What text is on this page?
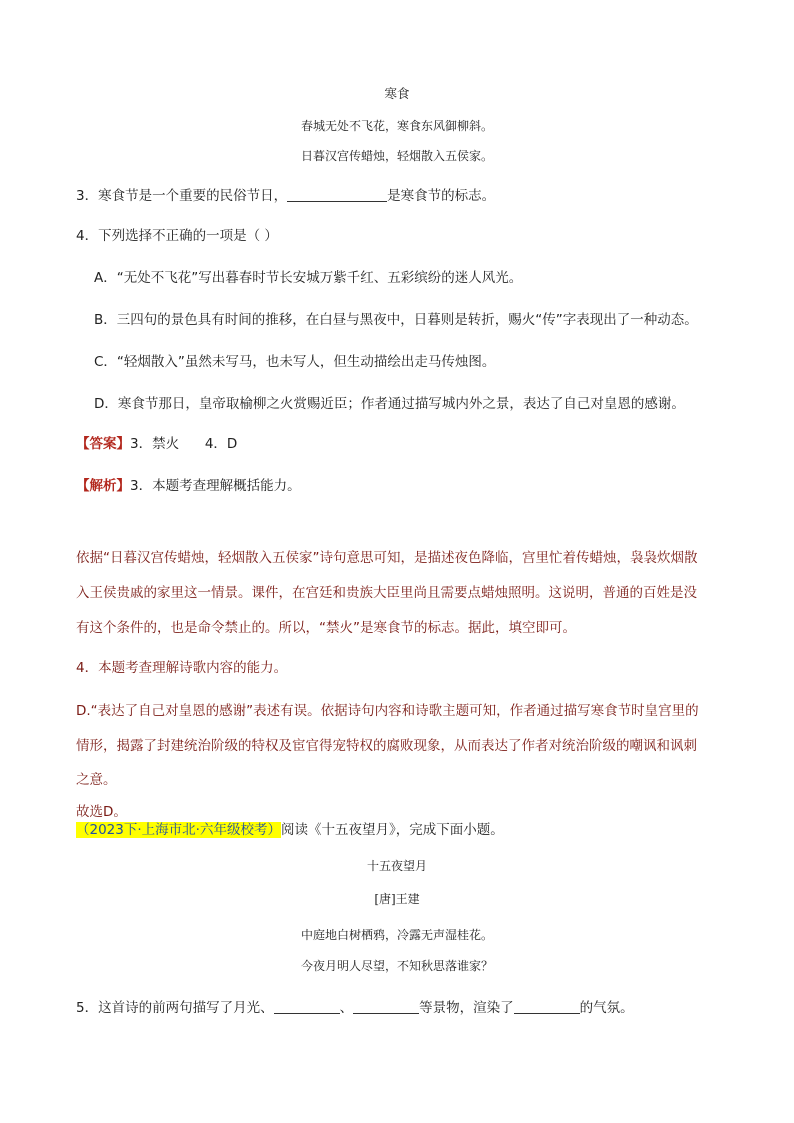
寒食
春城无处不飞花，寒食东风御柳斜。
日暮汉宫传蜡烛，轻烟散入五侯家。
3．寒食节是一个重要的民俗节日，	是寒食节的标志。
4．下列选择不正确的一项是（ ）
A．“无处不飞花”写出暮春时节长安城万紫千红、五彩缤纷的迷人风光。
B．三四句的景色具有时间的推移，在白昼与黑夜中，日暮则是转折，赐火“传”字表现出了一种动态。
C．“轻烟散入”虽然未写马，也未写人，但生动描绘出走马传烛图。
D．寒食节那日，皇帝取榆柳之火赏赐近臣；作者通过描写城内外之景，表达了自己对皇恩的感谢。
【答案】3．禁火      4．D
【解析】3．本题考查理解概括能力。
依据“日暮汉宫传蜡烛，轻烟散入五侯家”诗句意思可知，是描述夜色降临，宫里忙着传蜡烛，袅袅炊烟散
入王侯贵戚的家里这一情景。课件，在宫廷和贵族大臣里尚且需要点蜡烛照明。这说明，普通的百姓是没
有这个条件的，也是命令禁止的。所以，“禁火”是寒食节的标志。据此，填空即可。
4．本题考查理解诗歌内容的能力。
D.“表达了自己对皇恩的感谢”表述有误。依据诗句内容和诗歌主题可知，作者通过描写寒食节时皇宫里的
情形，揭露了封建统治阶级的特权及宦官得宠特权的腐败现象，从而表达了作者对统治阶级的嘲讽和讽刺
之意。
故选D。
（2023下·上海市北·六年级校考）阅读《十五夜望月》，完成下面小题。
十五夜望月
[唐]王建
中庭地白树栖鸦，冷露无声湿桂花。
今夜月明人尽望，不知秋思落谁家？
5．这首诗的前两句描写了月光、	、	等景物，渲染了	的气氛。
